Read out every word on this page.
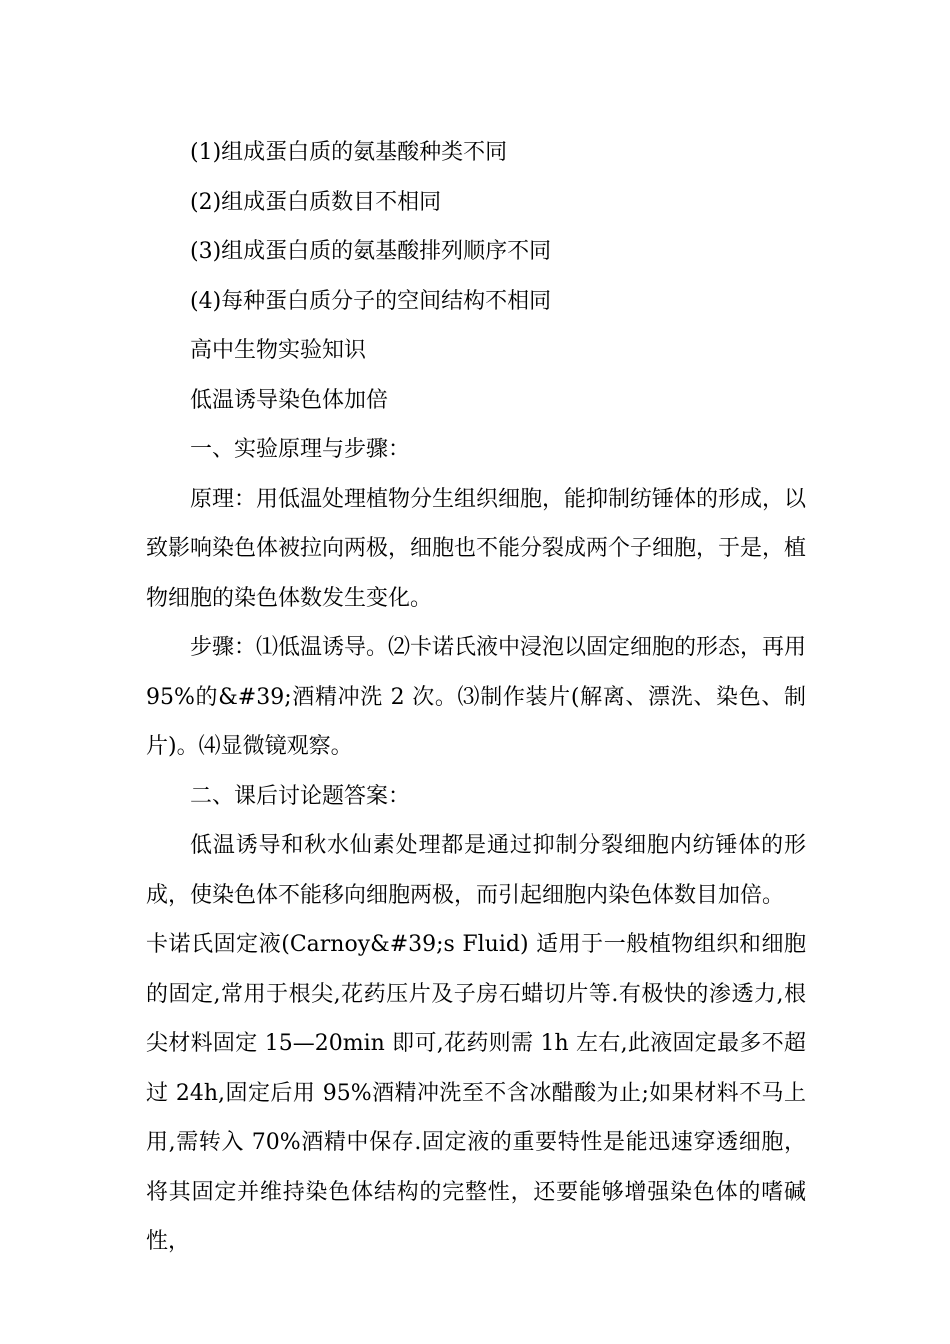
(1)组成蛋白质的氨基酸种类不同

(2)组成蛋白质数目不相同

(3)组成蛋白质的氨基酸排列顺序不同

(4)每种蛋白质分子的空间结构不相同

高中生物实验知识

低温诱导染色体加倍

一、实验原理与步骤：

原理：用低温处理植物分生组织细胞，能抑制纺锤体的形成，以致影响染色体被拉向两极，细胞也不能分裂成两个子细胞，于是，植物细胞的染色体数发生变化。

步骤：⑴低温诱导。⑵卡诺氏液中浸泡以固定细胞的形态，再用 95%的&#39;酒精冲洗 2 次。⑶制作装片(解离、漂洗、染色、制片)。⑷显微镜观察。

二、课后讨论题答案：

低温诱导和秋水仙素处理都是通过抑制分裂细胞内纺锤体的形成，使染色体不能移向细胞两极，而引起细胞内染色体数目加倍。

卡诺氏固定液(Carnoy&#39;s Fluid) 适用于一般植物组织和细胞的固定,常用于根尖,花药压片及子房石蜡切片等.有极快的渗透力,根尖材料固定 15—20min 即可,花药则需 1h 左右,此液固定最多不超过 24h,固定后用 95%酒精冲洗至不含冰醋酸为止;如果材料不马上用,需转入 70%酒精中保存.固定液的重要特性是能迅速穿透细胞，将其固定并维持染色体结构的完整性，还要能够增强染色体的嗜碱性，
